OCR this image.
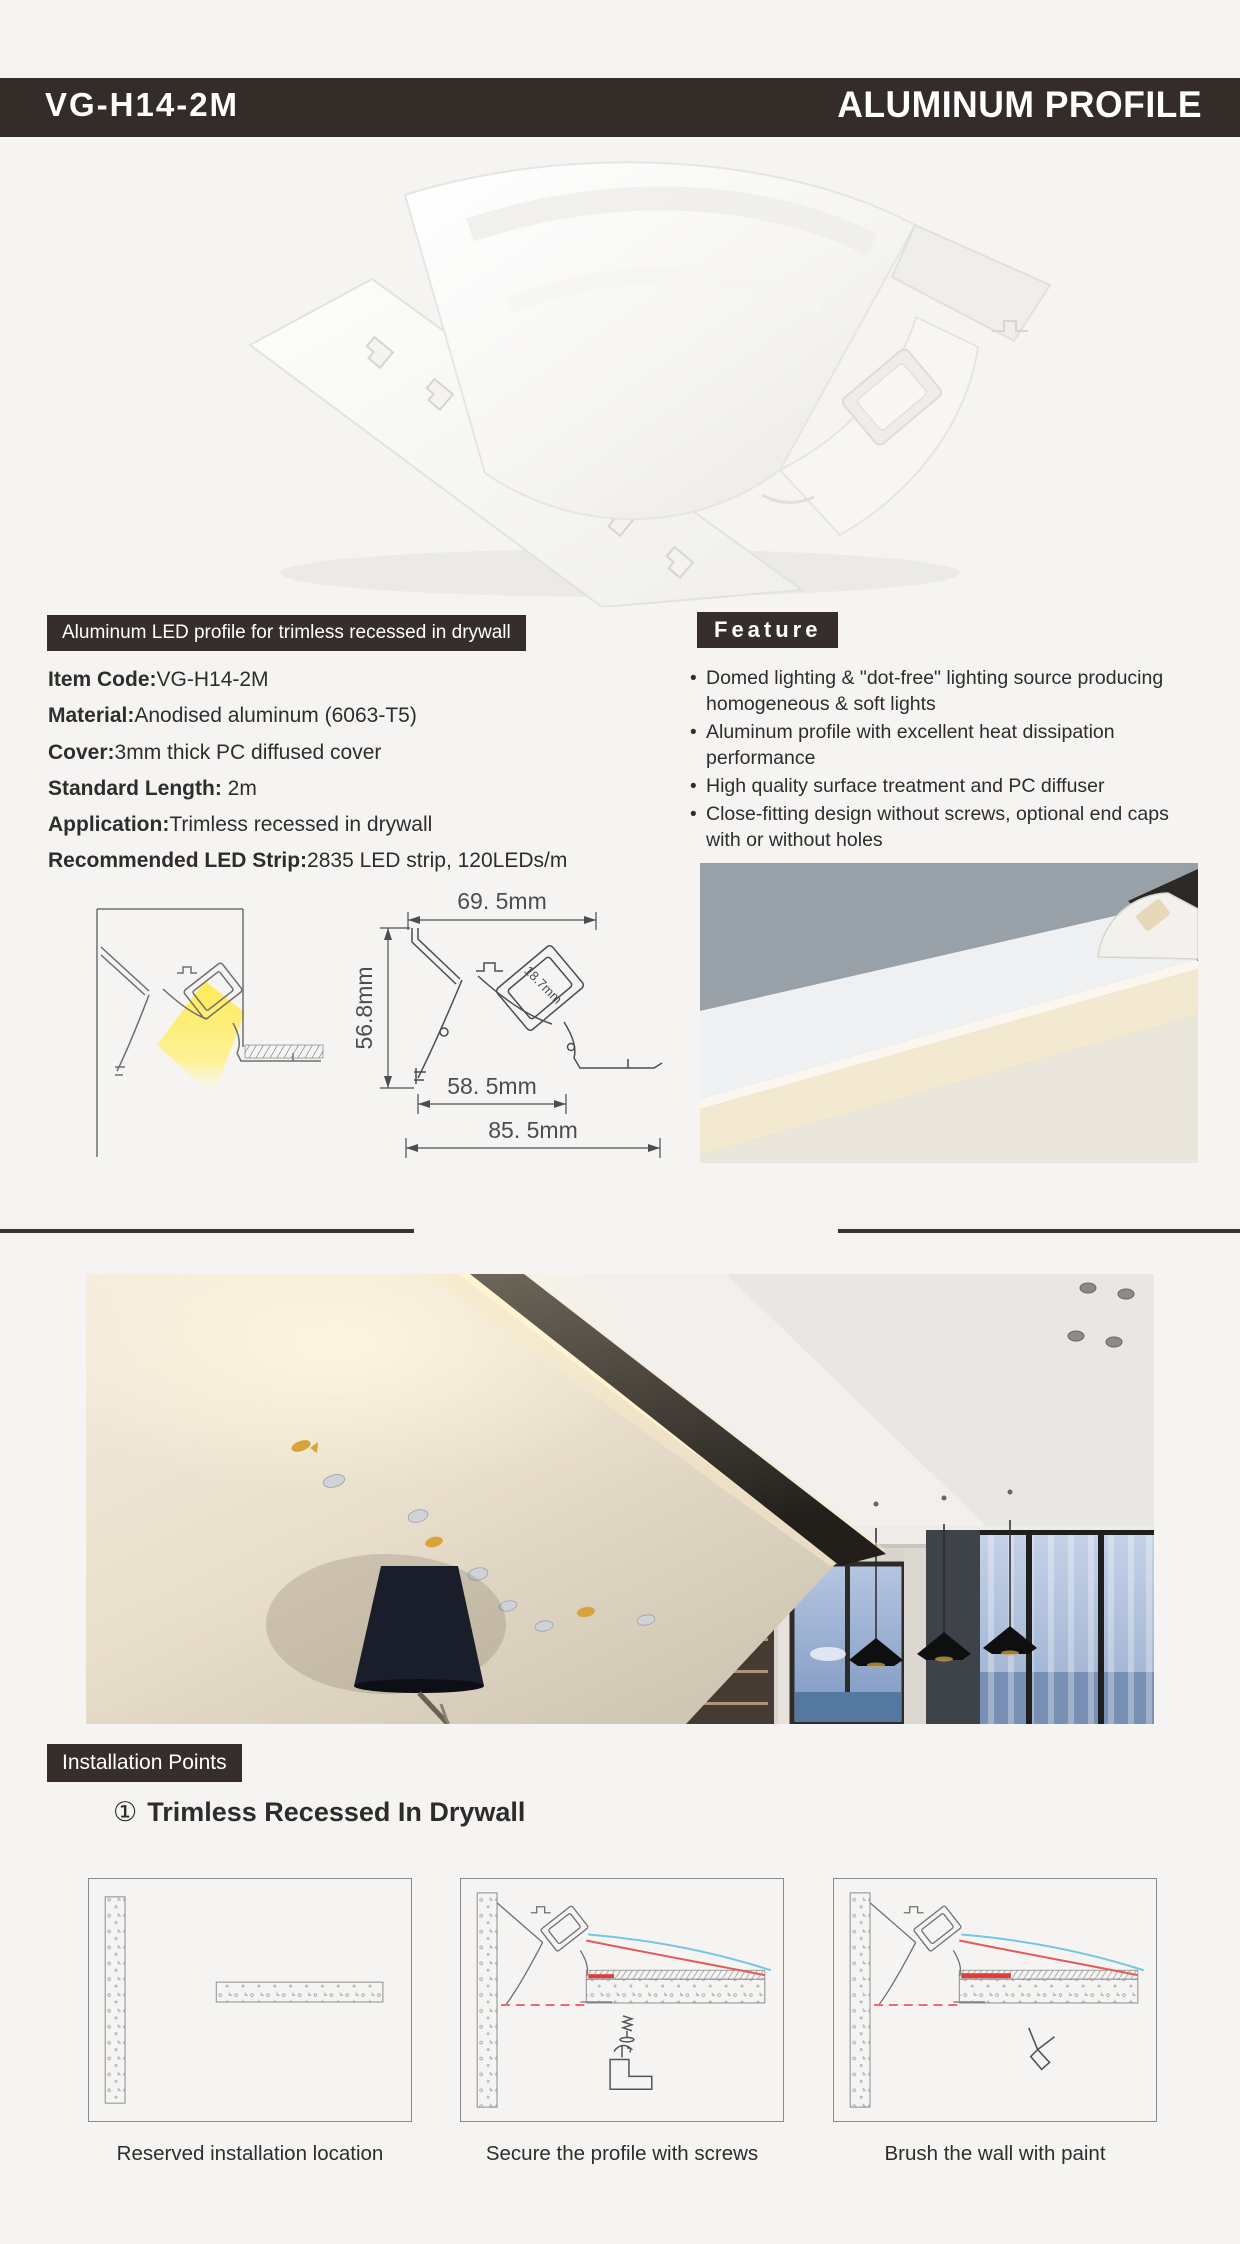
VG-H14-2M	ALUMINUM PROFILE
Aluminum LED profile for trimless recessed in drywall
Item Code:VG-H14-2M
Material:Anodised aluminum (6063-T5)
Cover:3mm thick PC diffused cover
Standard Length: 2m
Application:Trimless recessed in drywall
Recommended LED Strip:2835 LED strip, 120LEDs/m
Feature
• Domed lighting & "dot-free" lighting source producing homogeneous & soft lights
• Aluminum profile with excellent heat dissipation performance
• High quality surface treatment and PC diffuser
• Close-fitting design without screws, optional end caps with or without holes
69. 5mm
56.8mm
58. 5mm
85. 5mm
18.7mm
Installation Points
① Trimless Recessed In Drywall
Reserved installation location	Secure the profile with screws	Brush the wall with paint
